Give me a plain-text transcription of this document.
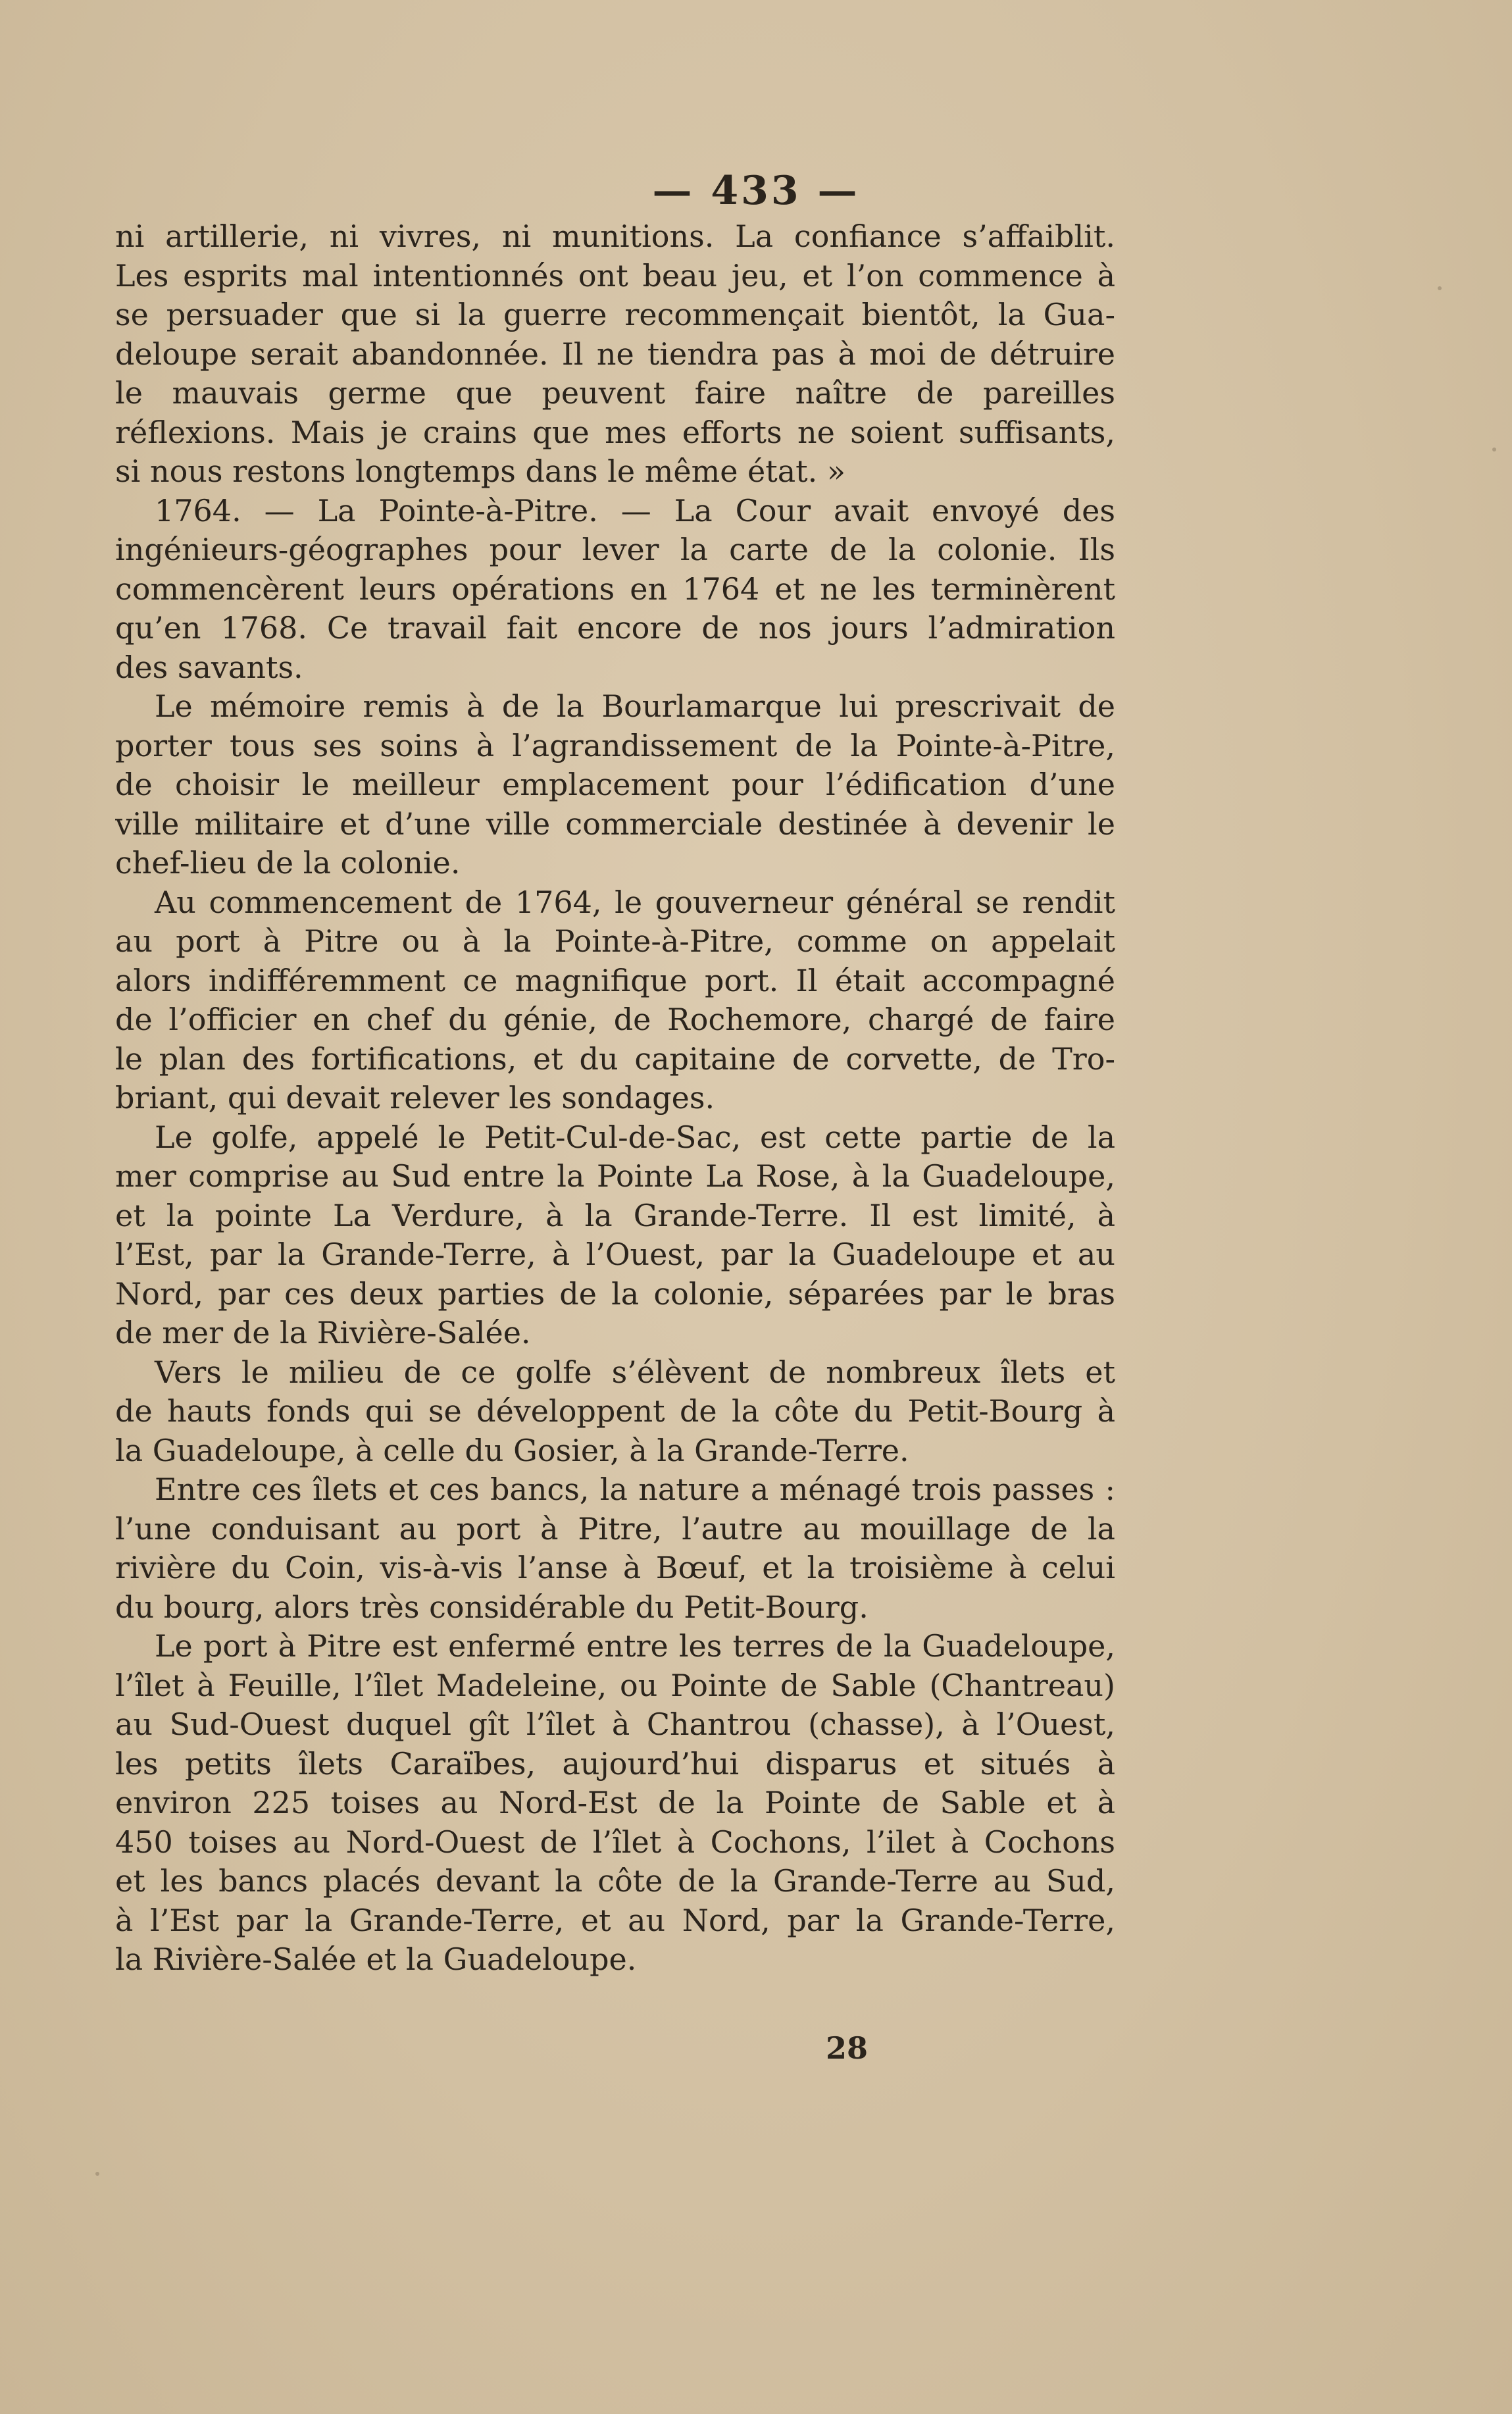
— 433 —
ni artillerie, ni vivres, ni munitions. La confiance s’affaiblit.
Les esprits mal intentionnés ont beau jeu, et l’on commence à
se persuader que si la guerre recommençait bientôt, la Gua-
deloupe serait abandonnée. Il ne tiendra pas à moi de détruire
le mauvais germe que peuvent faire naître de pareilles
réflexions. Mais je crains que mes efforts ne soient suffisants,
si nous restons longtemps dans le même état. »
1764. — La Pointe-à-Pitre. — La Cour avait envoyé des
ingénieurs-géographes pour lever la carte de la colonie. Ils
commencèrent leurs opérations en 1764 et ne les terminèrent
qu’en 1768. Ce travail fait encore de nos jours l’admiration
des savants.
Le mémoire remis à de la Bourlamarque lui prescrivait de
porter tous ses soins à l’agrandissement de la Pointe-à-Pitre,
de choisir le meilleur emplacement pour l’édification d’une
ville militaire et d’une ville commerciale destinée à devenir le
chef-lieu de la colonie.
Au commencement de 1764, le gouverneur général se rendit
au port à Pitre ou à la Pointe-à-Pitre, comme on appelait
alors indifféremment ce magnifique port. Il était accompagné
de l’officier en chef du génie, de Rochemore, chargé de faire
le plan des fortifications, et du capitaine de corvette, de Tro-
briant, qui devait relever les sondages.
Le golfe, appelé le Petit-Cul-de-Sac, est cette partie de la
mer comprise au Sud entre la Pointe La Rose, à la Guadeloupe,
et la pointe La Verdure, à la Grande-Terre. Il est limité, à
l’Est, par la Grande-Terre, à l’Ouest, par la Guadeloupe et au
Nord, par ces deux parties de la colonie, séparées par le bras
de mer de la Rivière-Salée.
Vers le milieu de ce golfe s’élèvent de nombreux îlets et
de hauts fonds qui se développent de la côte du Petit-Bourg à
la Guadeloupe, à celle du Gosier, à la Grande-Terre.
Entre ces îlets et ces bancs, la nature a ménagé trois passes :
l’une conduisant au port à Pitre, l’autre au mouillage de la
rivière du Coin, vis-à-vis l’anse à Bœuf, et la troisième à celui
du bourg, alors très considérable du Petit-Bourg.
Le port à Pitre est enfermé entre les terres de la Guadeloupe,
l’îlet à Feuille, l’îlet Madeleine, ou Pointe de Sable (Chantreau)
au Sud-Ouest duquel gît l’îlet à Chantrou (chasse), à l’Ouest,
les petits îlets Caraïbes, aujourd’hui disparus et situés à
environ 225 toises au Nord-Est de la Pointe de Sable et à
450 toises au Nord-Ouest de l’îlet à Cochons, l’ilet à Cochons
et les bancs placés devant la côte de la Grande-Terre au Sud,
à l’Est par la Grande-Terre, et au Nord, par la Grande-Terre,
la Rivière-Salée et la Guadeloupe.
28
